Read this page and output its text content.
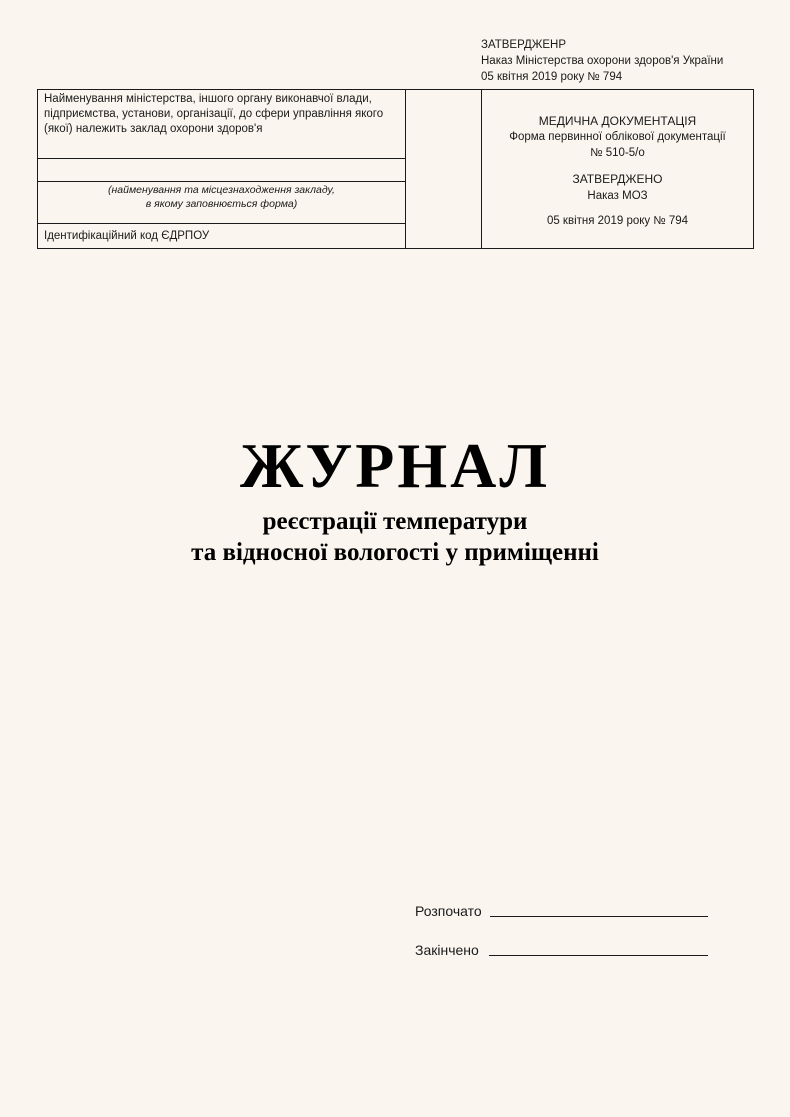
ЗАТВЕРДЖЕНР
Наказ Міністерства охорони здоров'я України
05 квітня 2019 року № 794
Найменування міністерства, іншого органу виконавчої влади,
підприємства, установи, організації, до сфери управління якого
(якої) належить заклад охорони здоров'я
(найменування та місцезнаходження закладу,
в якому заповнюється форма)
Ідентифікаційний код ЄДРПОУ
МЕДИЧНА ДОКУМЕНТАЦІЯ
Форма первинної облікової документації
№ 510-5/о
ЗАТВЕРДЖЕНО
Наказ МОЗ
05 квітня 2019 року № 794
ЖУРНАЛ
реєстрації температури
та відносної вологості у приміщенні
Розпочато
Закінчено
